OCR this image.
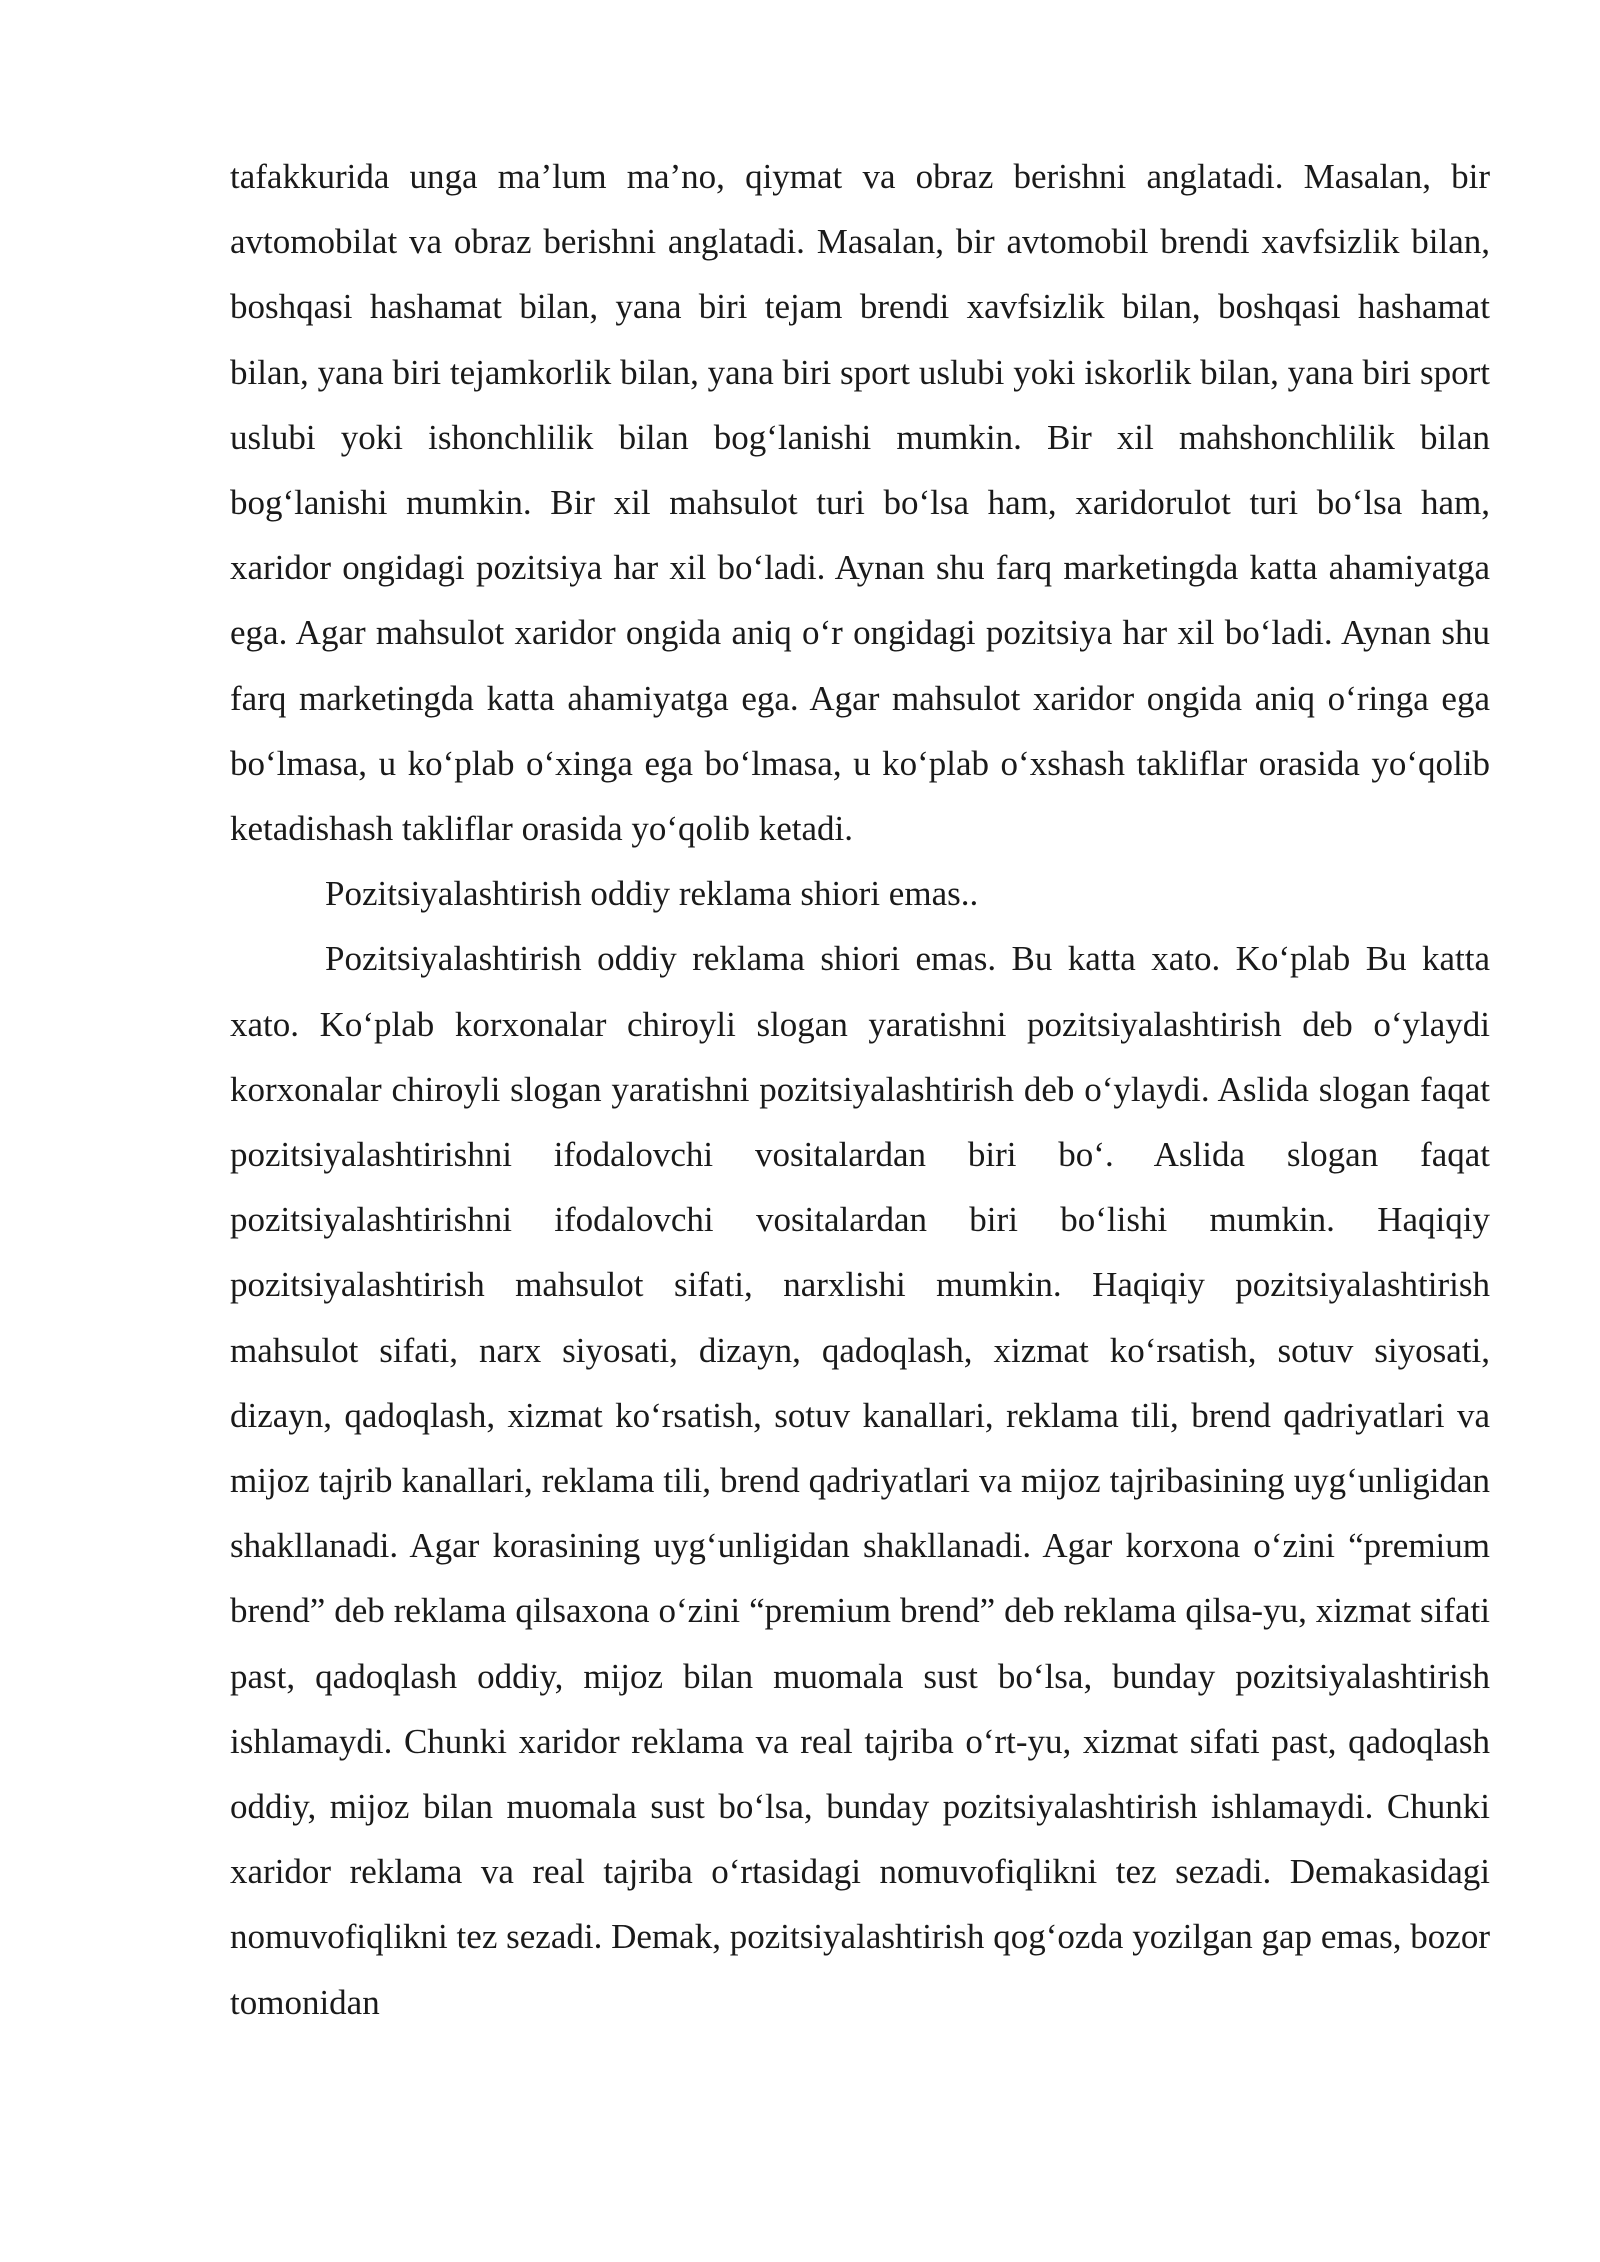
tafakkurida unga ma’lum ma’no, qiymat va obraz berishni anglatadi. Masalan, bir avtomobilat va obraz berishni anglatadi. Masalan, bir avtomobil brendi xavfsizlik bilan, boshqasi hashamat bilan, yana biri tejam brendi xavfsizlik bilan, boshqasi hashamat bilan, yana biri tejamkorlik bilan, yana biri sport uslubi yoki iskorlik bilan, yana biri sport uslubi yoki ishonchlilik bilan bog‘lanishi mumkin. Bir xil mahshonchlilik bilan bog‘lanishi mumkin. Bir xil mahsulot turi bo‘lsa ham, xaridorulot turi bo‘lsa ham, xaridor ongidagi pozitsiya har xil bo‘ladi. Aynan shu farq marketingda katta ahamiyatga ega. Agar mahsulot xaridor ongida aniq o‘r ongidagi pozitsiya har xil bo‘ladi. Aynan shu farq marketingda katta ahamiyatga ega. Agar mahsulot xaridor ongida aniq o‘ringa ega bo‘lmasa, u ko‘plab o‘xinga ega bo‘lmasa, u ko‘plab o‘xshash takliflar orasida yo‘qolib ketadishash takliflar orasida yo‘qolib ketadi.

Pozitsiyalashtirish oddiy reklama shiori emas..

Pozitsiyalashtirish oddiy reklama shiori emas. Bu katta xato. Ko‘plab Bu katta xato. Ko‘plab korxonalar chiroyli slogan yaratishni pozitsiyalashtirish deb o‘ylaydi korxonalar chiroyli slogan yaratishni pozitsiyalashtirish deb o‘ylaydi. Aslida slogan faqat pozitsiyalashtirishni ifodalovchi vositalardan biri bo‘. Aslida slogan faqat pozitsiyalashtirishni ifodalovchi vositalardan biri bo‘lishi mumkin. Haqiqiy pozitsiyalashtirish mahsulot sifati, narxlishi mumkin. Haqiqiy pozitsiyalashtirish mahsulot sifati, narx siyosati, dizayn, qadoqlash, xizmat ko‘rsatish, sotuv siyosati, dizayn, qadoqlash, xizmat ko‘rsatish, sotuv kanallari, reklama tili, brend qadriyatlari va mijoz tajrib kanallari, reklama tili, brend qadriyatlari va mijoz tajribasining uyg‘unligidan shakllanadi. Agar korasining uyg‘unligidan shakllanadi. Agar korxona o‘zini “premium brend” deb reklama qilsaxona o‘zini “premium brend” deb reklama qilsa-yu, xizmat sifati past, qadoqlash oddiy, mijoz bilan muomala sust bo‘lsa, bunday pozitsiyalashtirish ishlamaydi. Chunki xaridor reklama va real tajriba o‘rt-yu, xizmat sifati past, qadoqlash oddiy, mijoz bilan muomala sust bo‘lsa, bunday pozitsiyalashtirish ishlamaydi. Chunki xaridor reklama va real tajriba o‘rtasidagi nomuvofiqlikni tez sezadi. Demakasidagi nomuvofiqlikni tez sezadi. Demak, pozitsiyalashtirish qog‘ozda yozilgan gap emas, bozor tomonidan
